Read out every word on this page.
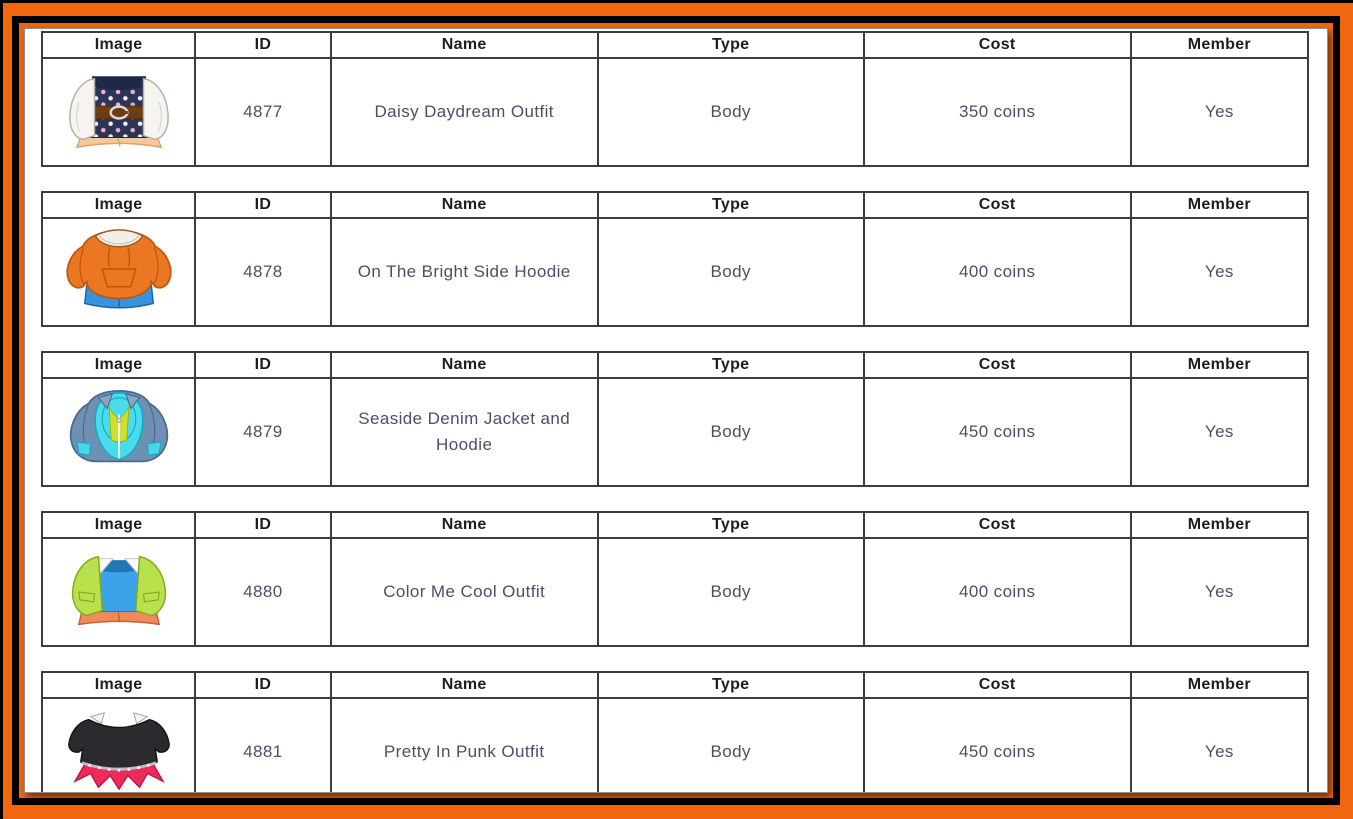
Image	ID	Name	Type	Cost	Member

	4877	Daisy Daydream Outfit	Body	350 coins	Yes
Image	ID	Name	Type	Cost	Member

	4878	On The Bright Side Hoodie	Body	400 coins	Yes
Image	ID	Name	Type	Cost	Member

	4879	Seaside Denim Jacket and Hoodie	Body	450 coins	Yes
Image	ID	Name	Type	Cost	Member

	4880	Color Me Cool Outfit	Body	400 coins	Yes
Image	ID	Name	Type	Cost	Member

	4881	Pretty In Punk Outfit	Body	450 coins	Yes
